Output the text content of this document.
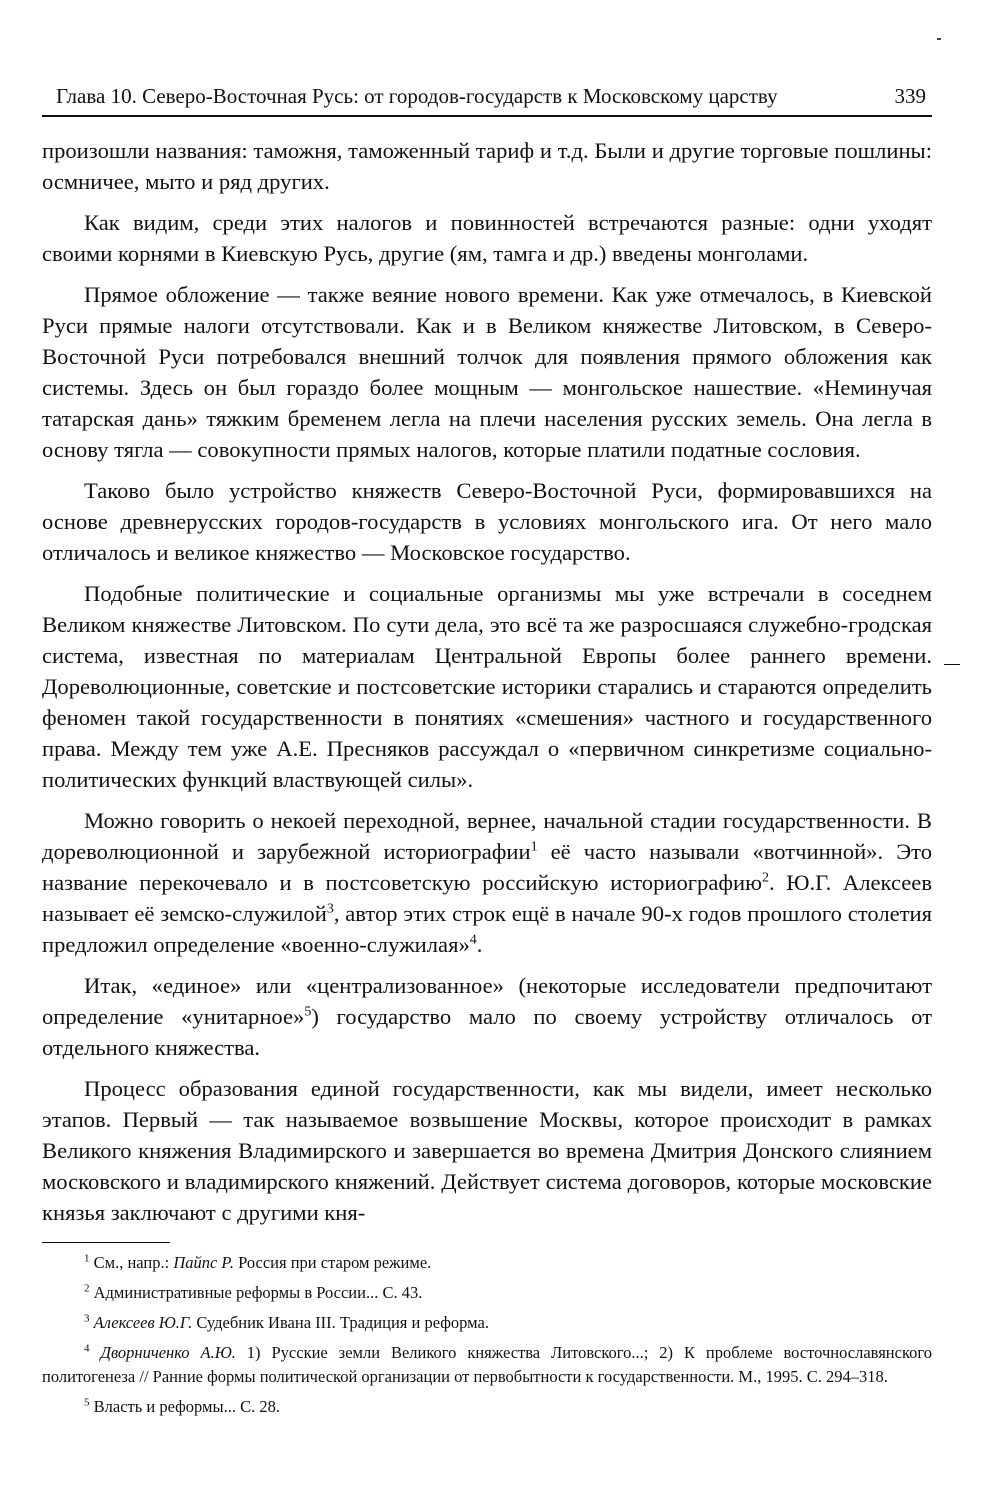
Глава 10. Северо-Восточная Русь: от городов-государств к Московскому царству	339

произошли названия: таможня, таможенный тариф и т.д. Были и другие торговые пошлины: осмничее, мыто и ряд других.

Как видим, среди этих налогов и повинностей встречаются разные: одни уходят своими корнями в Киевскую Русь, другие (ям, тамга и др.) введены монголами.

Прямое обложение — также веяние нового времени. Как уже отмечалось, в Киевской Руси прямые налоги отсутствовали. Как и в Великом княжестве Литовском, в Северо-Восточной Руси потребовался внешний толчок для появления прямого обложения как системы. Здесь он был гораздо более мощным — монгольское нашествие. «Неминучая татарская дань» тяжким бременем легла на плечи населения русских земель. Она легла в основу тягла — совокупности прямых налогов, которые платили податные сословия.

Таково было устройство княжеств Северо-Восточной Руси, формировавшихся на основе древнерусских городов-государств в условиях монгольского ига. От него мало отличалось и великое княжество — Московское государство.

Подобные политические и социальные организмы мы уже встречали в соседнем Великом княжестве Литовском. По сути дела, это всё та же разросшаяся служебно-гродская система, известная по материалам Центральной Европы более раннего времени. Дореволюционные, советские и постсоветские историки старались и стараются определить феномен такой государственности в понятиях «смешения» частного и государственного права. Между тем уже А.Е. Пресняков рассуждал о «первичном синкретизме социально-политических функций властвующей силы».

Можно говорить о некоей переходной, вернее, начальной стадии государственности. В дореволюционной и зарубежной историографии$^1$ её часто называли «вотчинной». Это название перекочевало и в постсоветскую российскую историографию$^2$. Ю.Г. Алексеев называет её земско-служилой$^3$, автор этих строк ещё в начале 90-х годов прошлого столетия предложил определение «военно-служилая»$^4$.

Итак, «единое» или «централизованное» (некоторые исследователи предпочитают определение «унитарное»$^5$) государство мало по своему устройству отличалось от отдельного княжества.

Процесс образования единой государственности, как мы видели, имеет несколько этапов. Первый — так называемое возвышение Москвы, которое происходит в рамках Великого княжения Владимирского и завершается во времена Дмитрия Донского слиянием московского и владимирского княжений. Действует система договоров, которые московские князья заключают с другими кня-

$^1$ См., напр.: Пайпс Р. Россия при старом режиме.

$^2$ Административные реформы в России... С. 43.

$^3$ Алексеев Ю.Г. Судебник Ивана III. Традиция и реформа.

$^4$ Дворниченко А.Ю. 1) Русские земли Великого княжества Литовского...; 2) К проблеме восточнославянского политогенеза // Ранние формы политической организации от первобытности к государственности. М., 1995. С. 294–318.

$^5$ Власть и реформы... С. 28.
